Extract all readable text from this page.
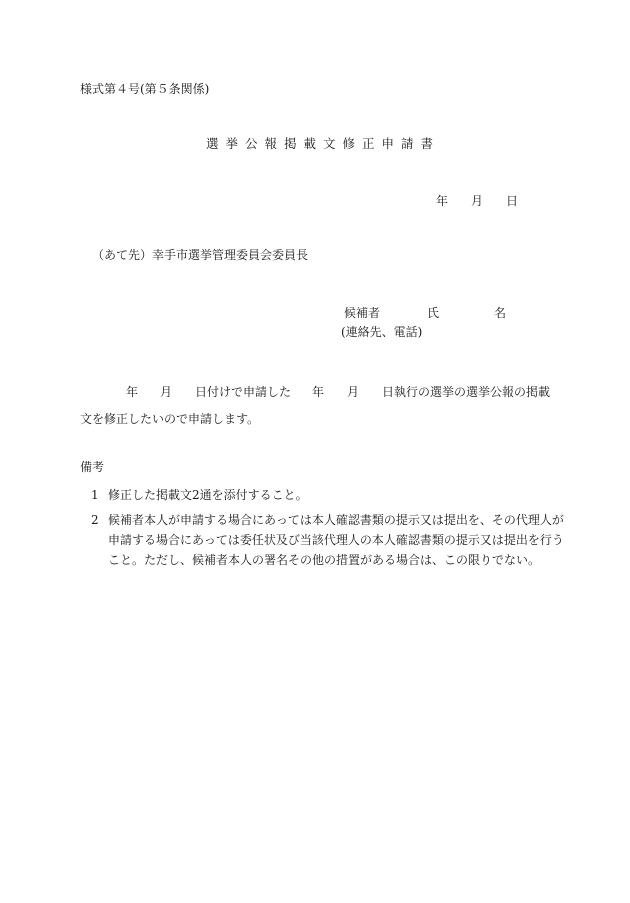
様式第４号(第５条関係)
選挙公報掲載文修正申請書
年 月 日
（あて先）幸手市選挙管理委員会委員長
候補者	氏	名
(連絡先、電話)
年 月 日付けで申請した 年 月 日執行の選挙の選挙公報の掲載
文を修正したいので申請します。
備考
1 修正した掲載文2通を添付すること。
2 候補者本人が申請する場合にあっては本人確認書類の提示又は提出を、その代理人が申請する場合にあっては委任状及び当該代理人の本人確認書類の提示又は提出を行うこと。ただし、候補者本人の署名その他の措置がある場合は、この限りでない。
